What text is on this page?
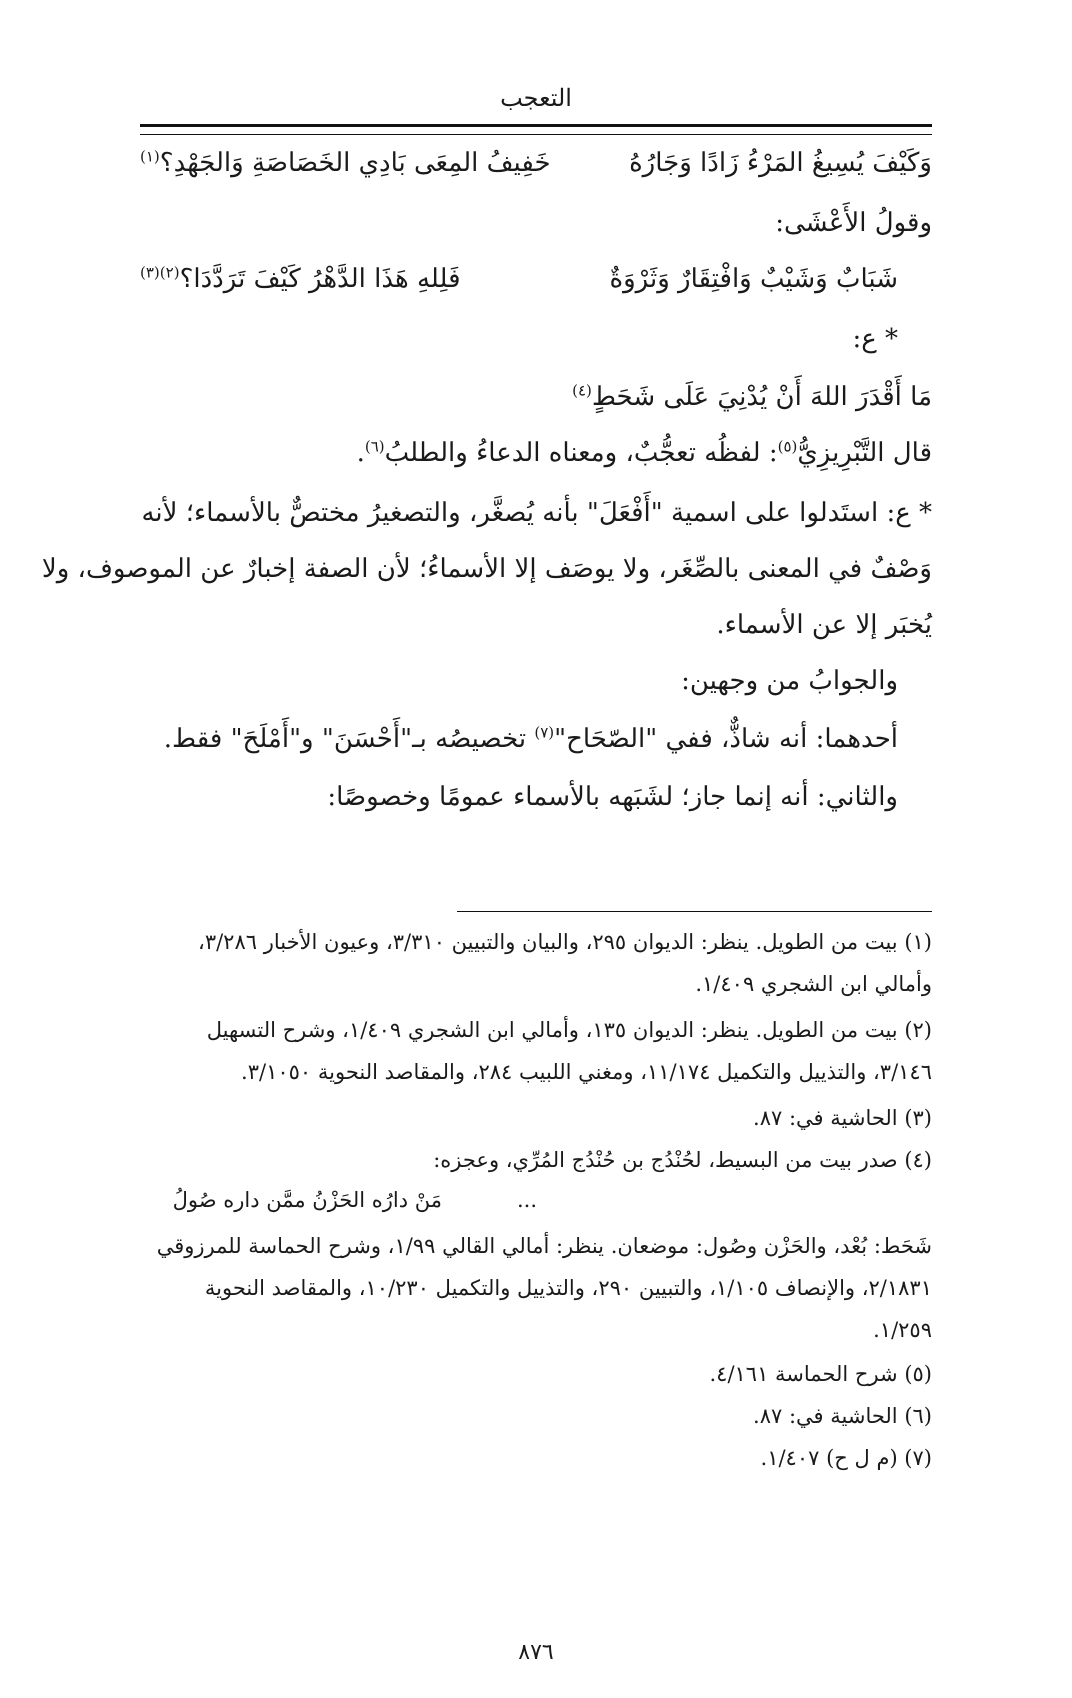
التعجب
وَكَيْفَ يُسِيغُ المَرْءُ زَادًا وَجَارُهُ
خَفِيفُ المِعَى بَادِي الخَصَاصَةِ وَالجَهْدِ؟$^{(١)}$
وقولُ الأَعْشَى:
شَبَابٌ وَشَيْبٌ وَافْتِقَارٌ وَثَرْوَةٌ
فَلِلهِ هَذَا الدَّهْرُ كَيْفَ تَرَدَّدَا؟$^{(٢)(٣)}$
* ع:
مَا أَقْدَرَ اللهَ أَنْ يُدْنِيَ عَلَى شَحَطٍ$^{(٤)}$
قال التَّبْرِيزِيُّ$^{(٥)}$: لفظُه تعجُّبٌ، ومعناه الدعاءُ والطلبُ$^{(٦)}$.
* ع: استَدلوا على اسمية "أَفْعَلَ" بأنه يُصغَّر، والتصغيرُ مختصٌّ بالأسماء؛ لأنه
وَصْفٌ في المعنى بالصِّغَر، ولا يوصَف إلا الأسماءُ؛ لأن الصفة إخبارٌ عن الموصوف، ولا
يُخبَر إلا عن الأسماء.
والجوابُ من وجهين:
أحدهما: أنه شاذٌّ، ففي "الصّحَاح"$^{(٧)}$ تخصيصُه بـ"أَحْسَنَ" و"أَمْلَحَ" فقط.
والثاني: أنه إنما جاز؛ لشَبَهه بالأسماء عمومًا وخصوصًا:
(١) بيت من الطويل. ينظر: الديوان ٢٩٥، والبيان والتبيين ٣/٣١٠، وعيون الأخبار ٣/٢٨٦،
وأمالي ابن الشجري ١/٤٠٩.
(٢) بيت من الطويل. ينظر: الديوان ١٣٥، وأمالي ابن الشجري ١/٤٠٩، وشرح التسهيل
٣/١٤٦، والتذييل والتكميل ١١/١٧٤، ومغني اللبيب ٢٨٤، والمقاصد النحوية ٣/١٠٥٠.
(٣) الحاشية في: ٨٧.
(٤) صدر بيت من البسيط، لحُنْدُج بن حُنْدُج المُرِّي، وعجزه:
...
مَنْ دارُه الحَزْنُ ممَّن داره صُولُ
شَحَط: بُعْد، والحَزْن وصُول: موضعان. ينظر: أمالي القالي ١/٩٩، وشرح الحماسة للمرزوقي
٢/١٨٣١، والإنصاف ١/١٠٥، والتبيين ٢٩٠، والتذييل والتكميل ١٠/٢٣٠، والمقاصد النحوية
١/٢٥٩.
(٥) شرح الحماسة ٤/١٦١.
(٦) الحاشية في: ٨٧.
(٧) (م ل ح) ١/٤٠٧.
٨٧٦
